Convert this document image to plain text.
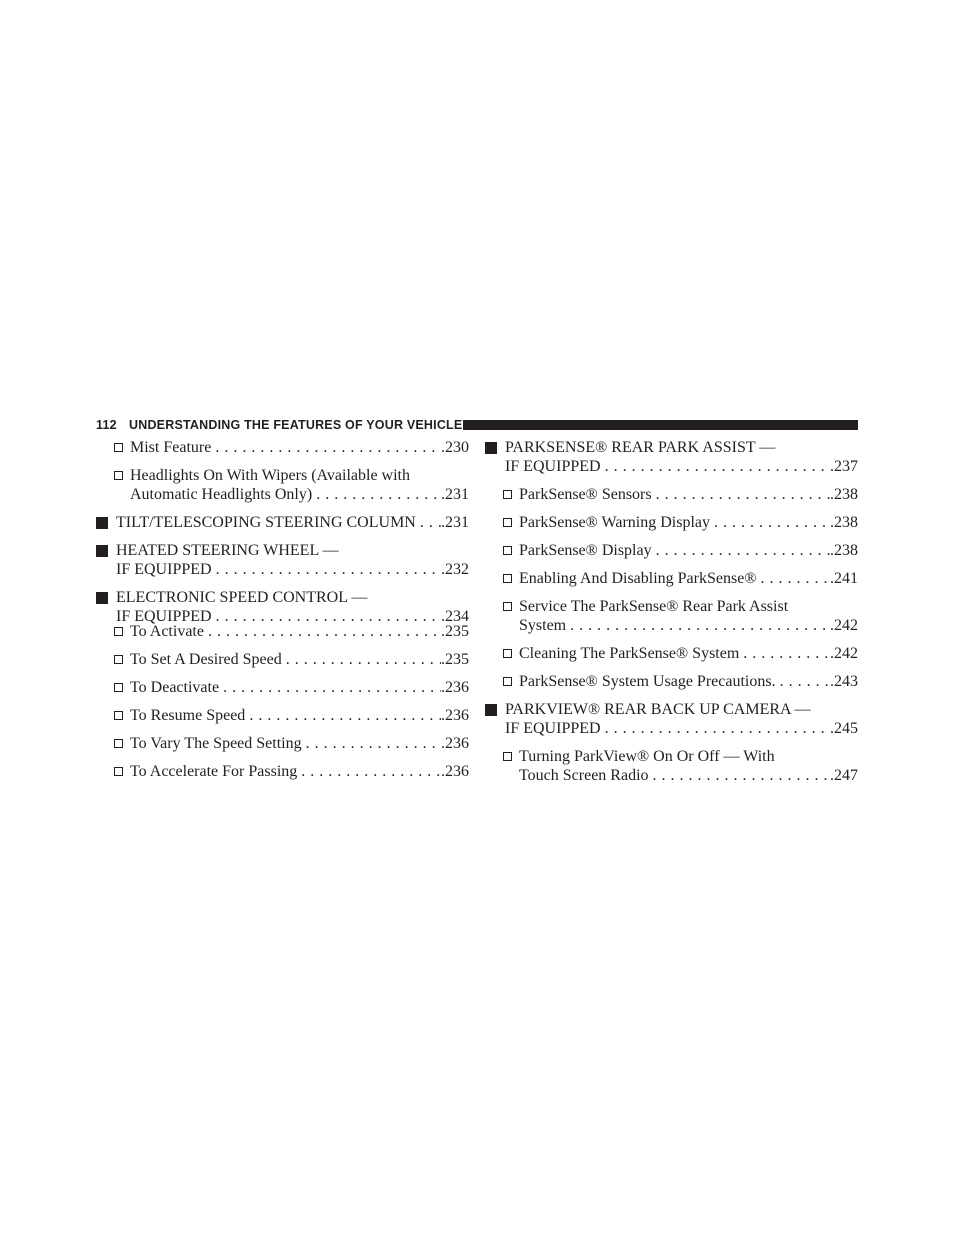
112 UNDERSTANDING THE FEATURES OF YOUR VEHICLE
Mist Feature . . .	.230
Headlights On With Wipers (Available with
Automatic Headlights Only) . . .	.231
TILT/TELESCOPING STEERING COLUMN . . . .231
HEATED STEERING WHEEL —
IF EQUIPPED . . .	.232
ELECTRONIC SPEED CONTROL —
IF EQUIPPED . . .	.234
To Activate . . .	.235
To Set A Desired Speed . . .	.235
To Deactivate . . .	.236
To Resume Speed . . .	.236
To Vary The Speed Setting . . .	.236
To Accelerate For Passing . . .	.236
PARKSENSE® REAR PARK ASSIST —
IF EQUIPPED . . .	.237
ParkSense® Sensors . . .	.238
ParkSense® Warning Display . . .	.238
ParkSense® Display . . .	.238
Enabling And Disabling ParkSense® . . .	.241
Service The ParkSense® Rear Park Assist
System . . .	.242
Cleaning The ParkSense® System . . .	.242
ParkSense® System Usage Precautions. . . .	.243
PARKVIEW® REAR BACK UP CAMERA —
IF EQUIPPED . . .	.245
Turning ParkView® On Or Off — With
Touch Screen Radio . . .	.247
